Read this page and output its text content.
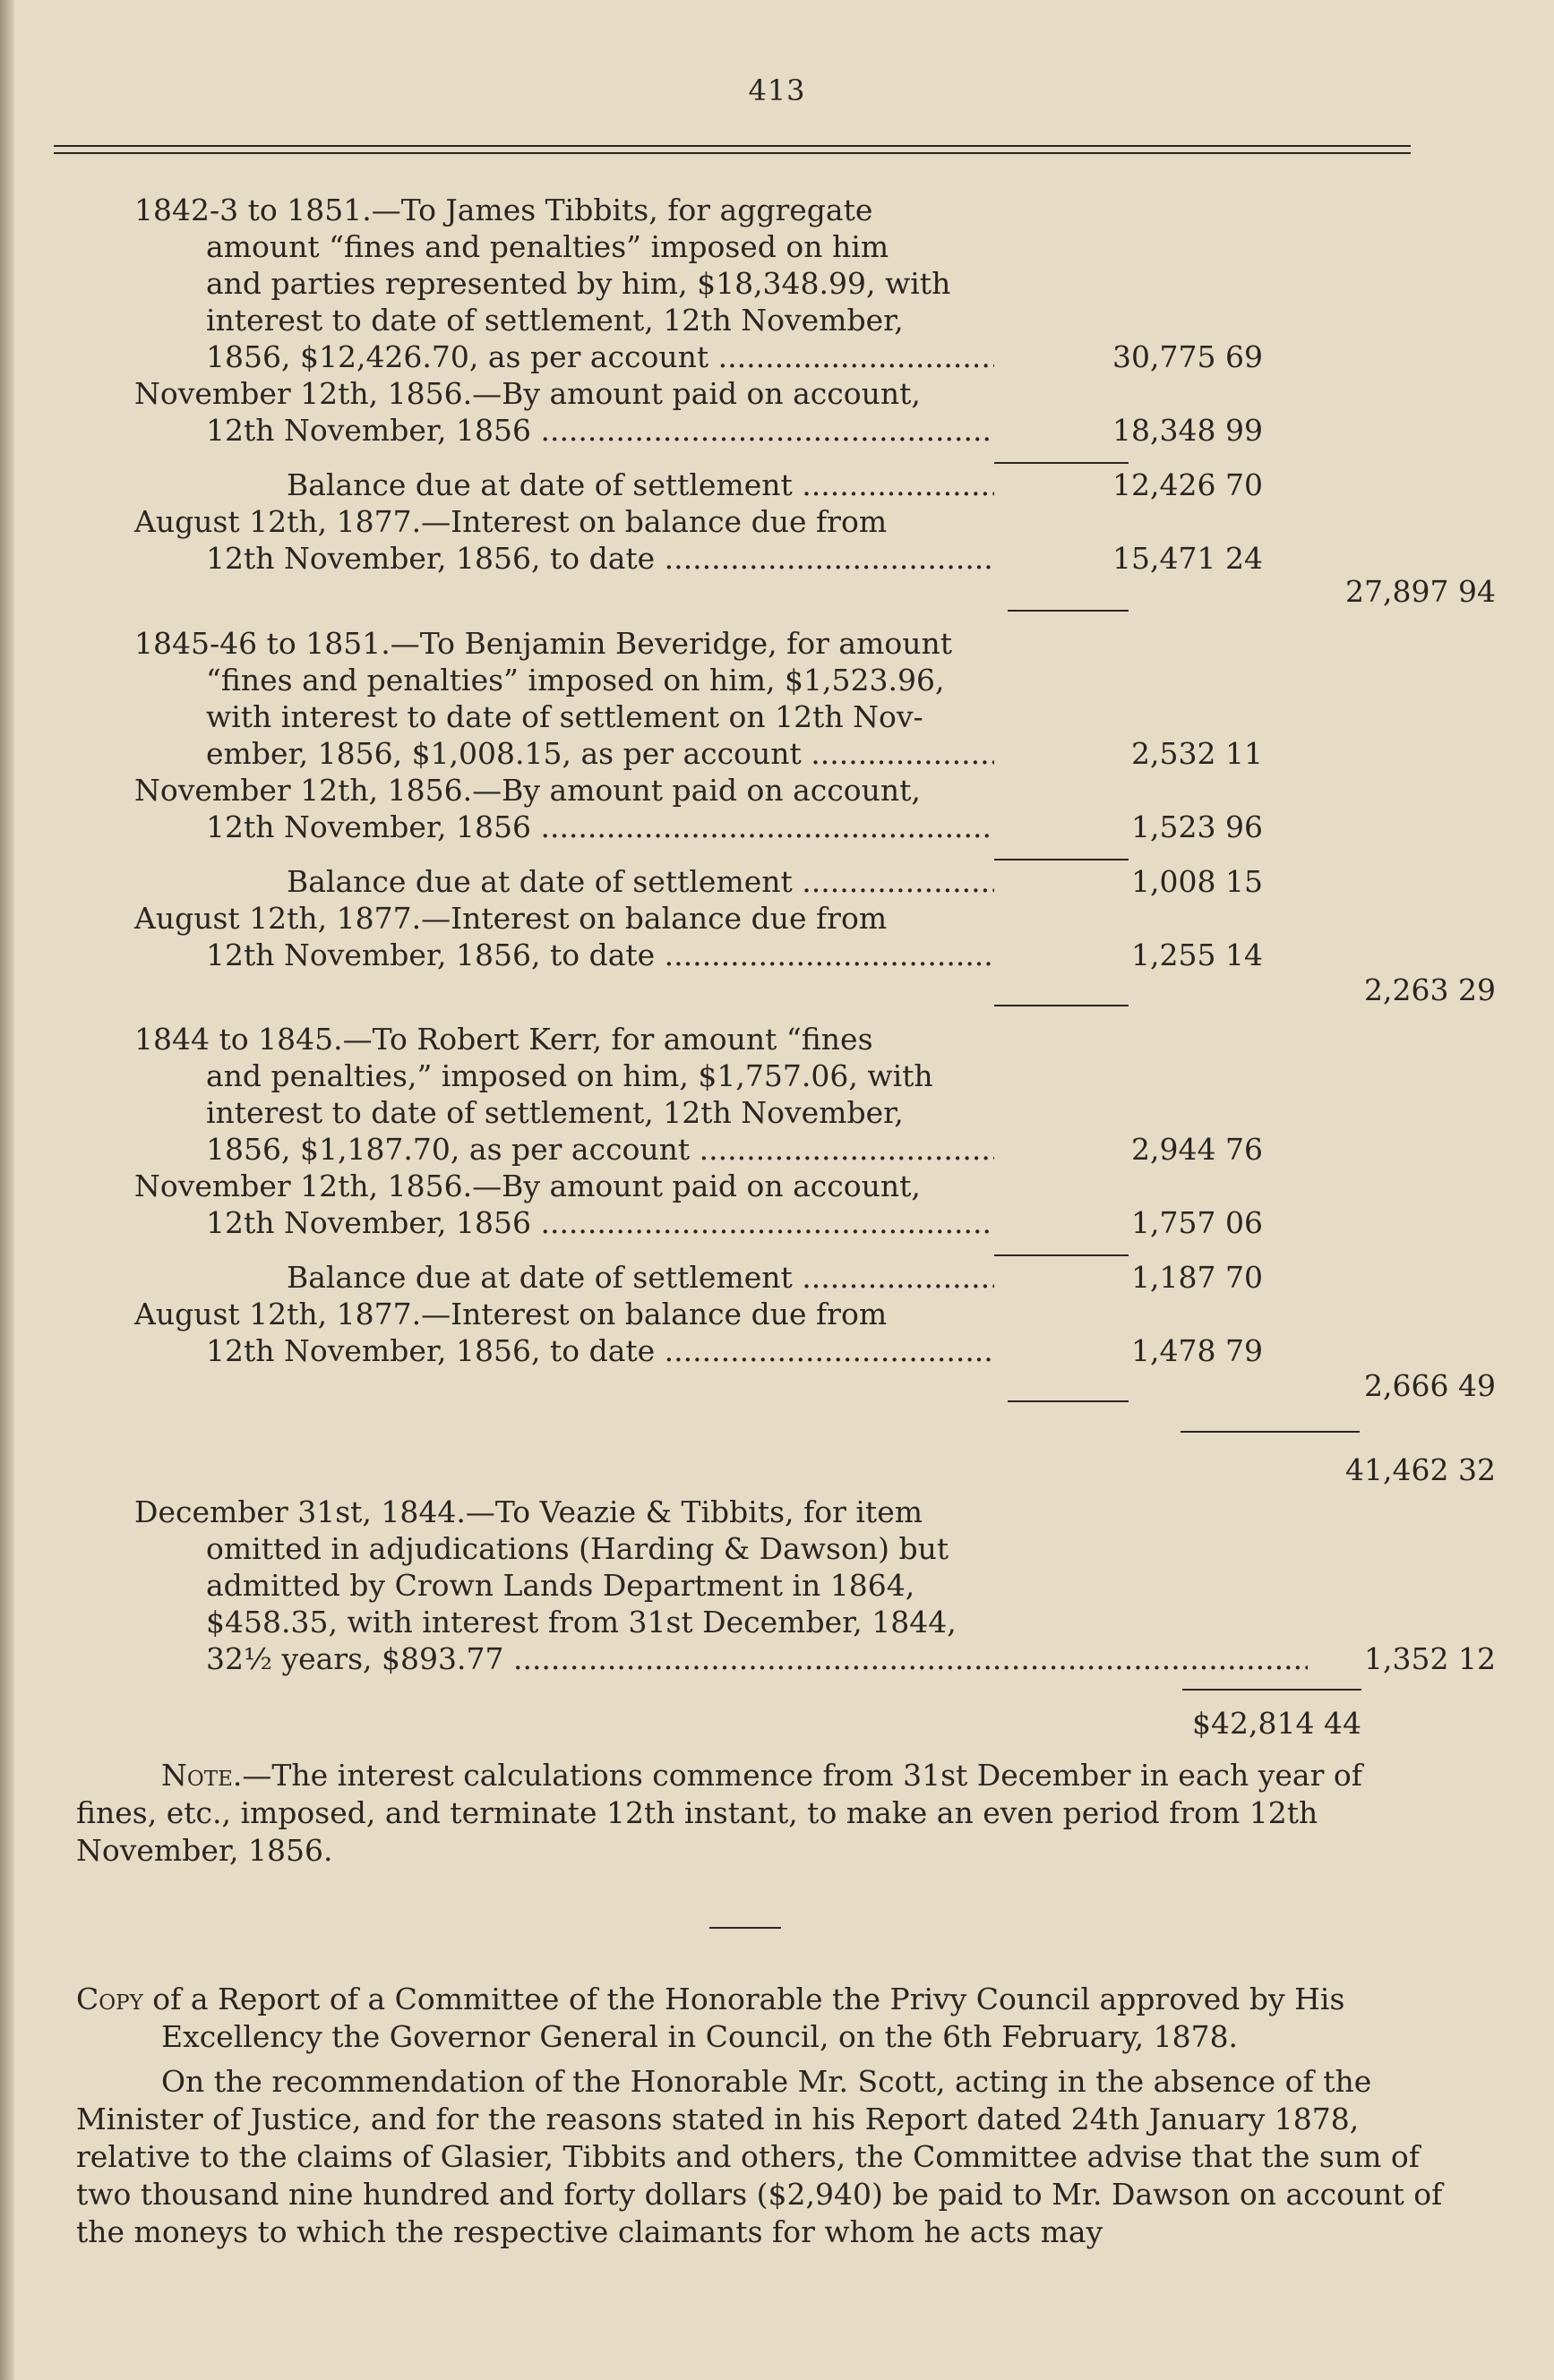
413
1842-3 to 1851.—To James Tibbits, for aggregate
amount “fines and penalties” imposed on him
and parties represented by him, $18,348.99, with
interest to date of settlement, 12th November,
1856, $12,426.70, as per account .....	30,775 69
November 12th, 1856.—By amount paid on account,
12th November, 1856 .....	18,348 99
Balance due at date of settlement .....	12,426 70
August 12th, 1877.—Interest on balance due from
12th November, 1856, to date .....	15,471 24
27,897 94
1845-46 to 1851.—To Benjamin Beveridge, for amount
“fines and penalties” imposed on him, $1,523.96,
with interest to date of settlement on 12th Nov-
ember, 1856, $1,008.15, as per account .....	2,532 11
November 12th, 1856.—By amount paid on account,
12th November, 1856 .....	1,523 96
Balance due at date of settlement .....	1,008 15
August 12th, 1877.—Interest on balance due from
12th November, 1856, to date .....	1,255 14
2,263 29
1844 to 1845.—To Robert Kerr, for amount “fines
and penalties,” imposed on him, $1,757.06, with
interest to date of settlement, 12th November,
1856, $1,187.70, as per account .....	2,944 76
November 12th, 1856.—By amount paid on account,
12th November, 1856 .....	1,757 06
Balance due at date of settlement .....	1,187 70
August 12th, 1877.—Interest on balance due from
12th November, 1856, to date .....	1,478 79
2,666 49
41,462 32
December 31st, 1844.—To Veazie & Tibbits, for item
omitted in adjudications (Harding & Dawson) but
admitted by Crown Lands Department in 1864,
$458.35, with interest from 31st December, 1844,
32½ years, $893.77 .....	1,352 12
$42,814 44
Note.—The interest calculations commence from 31st December in each year of fines, etc., imposed, and terminate 12th instant, to make an even period from 12th November, 1856.
Copy of a Report of a Committee of the Honorable the Privy Council approved by His Excellency the Governor General in Council, on the 6th February, 1878.
On the recommendation of the Honorable Mr. Scott, acting in the absence of the Minister of Justice, and for the reasons stated in his Report dated 24th January 1878, relative to the claims of Glasier, Tibbits and others, the Committee advise that the sum of two thousand nine hundred and forty dollars ($2,940) be paid to Mr. Dawson on account of the moneys to which the respective claimants for whom he acts may
